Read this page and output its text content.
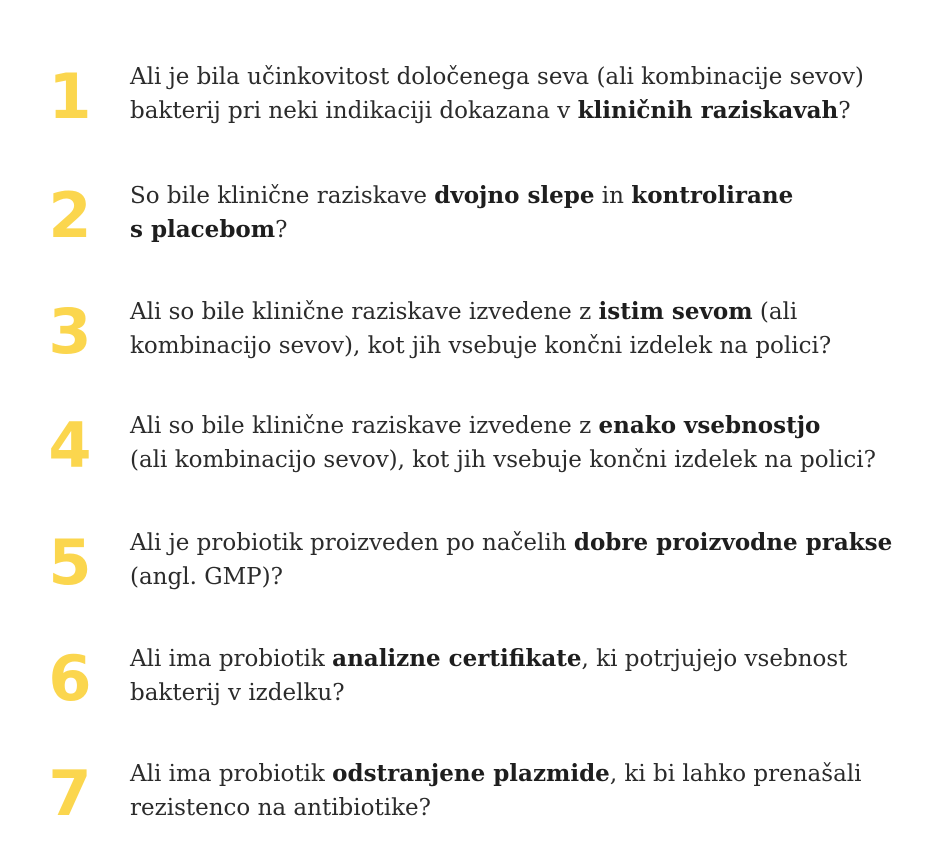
1	Ali je bila učinkovitost določenega seva (ali kombinacije sevov)
bakterij pri neki indikaciji dokazana v kliničnih raziskavah?

2	So bile klinične raziskave dvojno slepe in kontrolirane
s placebom?

3	Ali so bile klinične raziskave izvedene z istim sevom (ali
kombinacijo sevov), kot jih vsebuje končni izdelek na polici?

4	Ali so bile klinične raziskave izvedene z enako vsebnostjo
(ali kombinacijo sevov), kot jih vsebuje končni izdelek na polici?

5	Ali je probiotik proizveden po načelih dobre proizvodne prakse
(angl. GMP)?

6	Ali ima probiotik analizne certifikate, ki potrjujejo vsebnost
bakterij v izdelku?

7	Ali ima probiotik odstranjene plazmide, ki bi lahko prenašali
rezistenco na antibiotike?
